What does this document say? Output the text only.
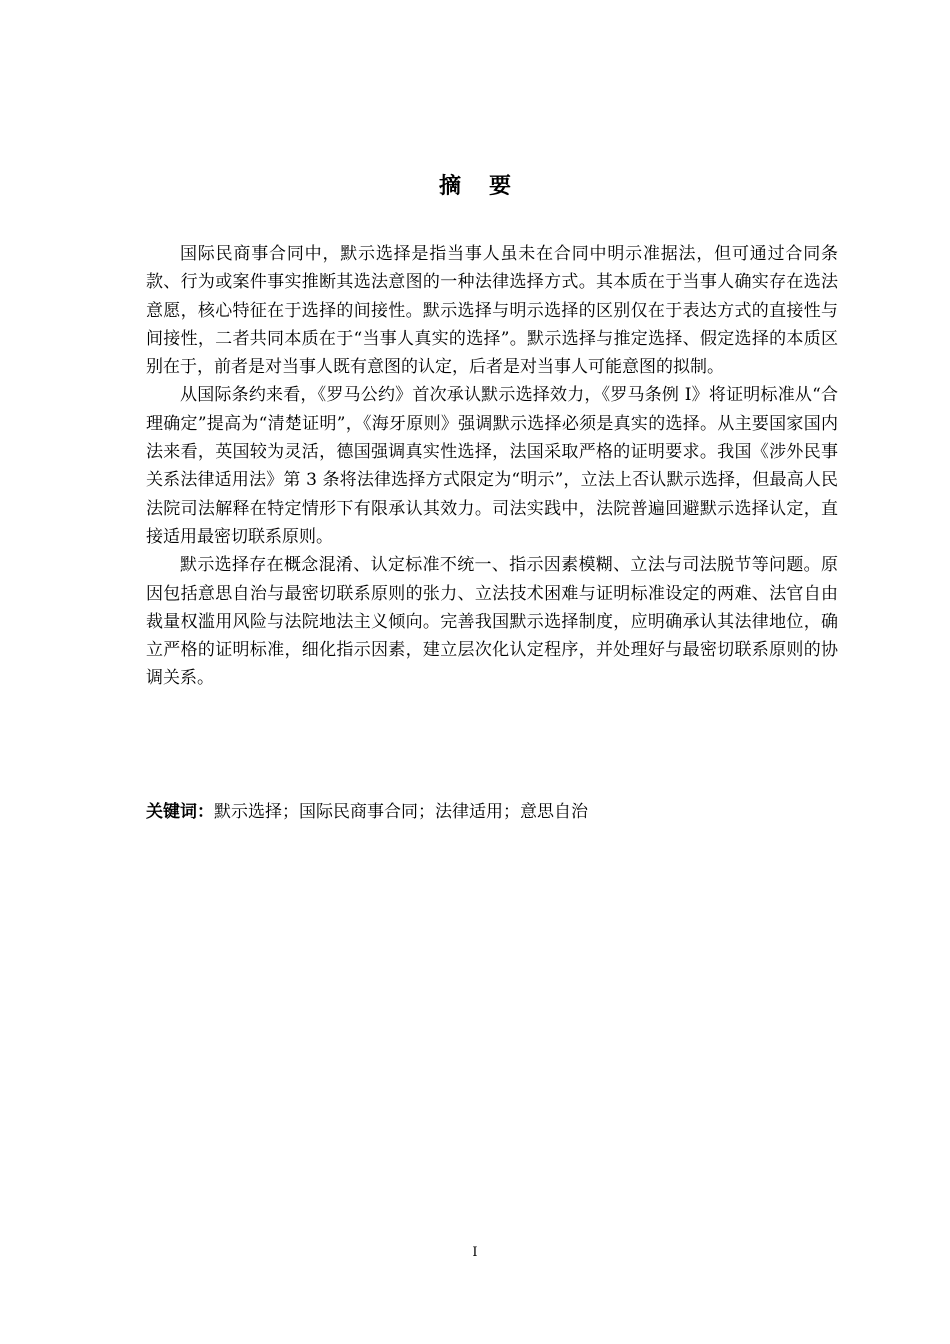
摘要

国际民商事合同中，默示选择是指当事人虽未在合同中明示准据法，但可通过合同条款、行为或案件事实推断其选法意图的一种法律选择方式。其本质在于当事人确实存在选法意愿，核心特征在于选择的间接性。默示选择与明示选择的区别仅在于表达方式的直接性与间接性，二者共同本质在于“当事人真实的选择”。默示选择与推定选择、假定选择的本质区别在于，前者是对当事人既有意图的认定，后者是对当事人可能意图的拟制。

从国际条约来看，《罗马公约》首次承认默示选择效力，《罗马条例 I》将证明标准从“合理确定”提高为“清楚证明”，《海牙原则》强调默示选择必须是真实的选择。从主要国家国内法来看，英国较为灵活，德国强调真实性选择，法国采取严格的证明要求。我国《涉外民事关系法律适用法》第 3 条将法律选择方式限定为“明示”，立法上否认默示选择，但最高人民法院司法解释在特定情形下有限承认其效力。司法实践中，法院普遍回避默示选择认定，直接适用最密切联系原则。

默示选择存在概念混淆、认定标准不统一、指示因素模糊、立法与司法脱节等问题。原因包括意思自治与最密切联系原则的张力、立法技术困难与证明标准设定的两难、法官自由裁量权滥用风险与法院地法主义倾向。完善我国默示选择制度，应明确承认其法律地位，确立严格的证明标准，细化指示因素，建立层次化认定程序，并处理好与最密切联系原则的协调关系。

关键词：默示选择；国际民商事合同；法律适用；意思自治
I
